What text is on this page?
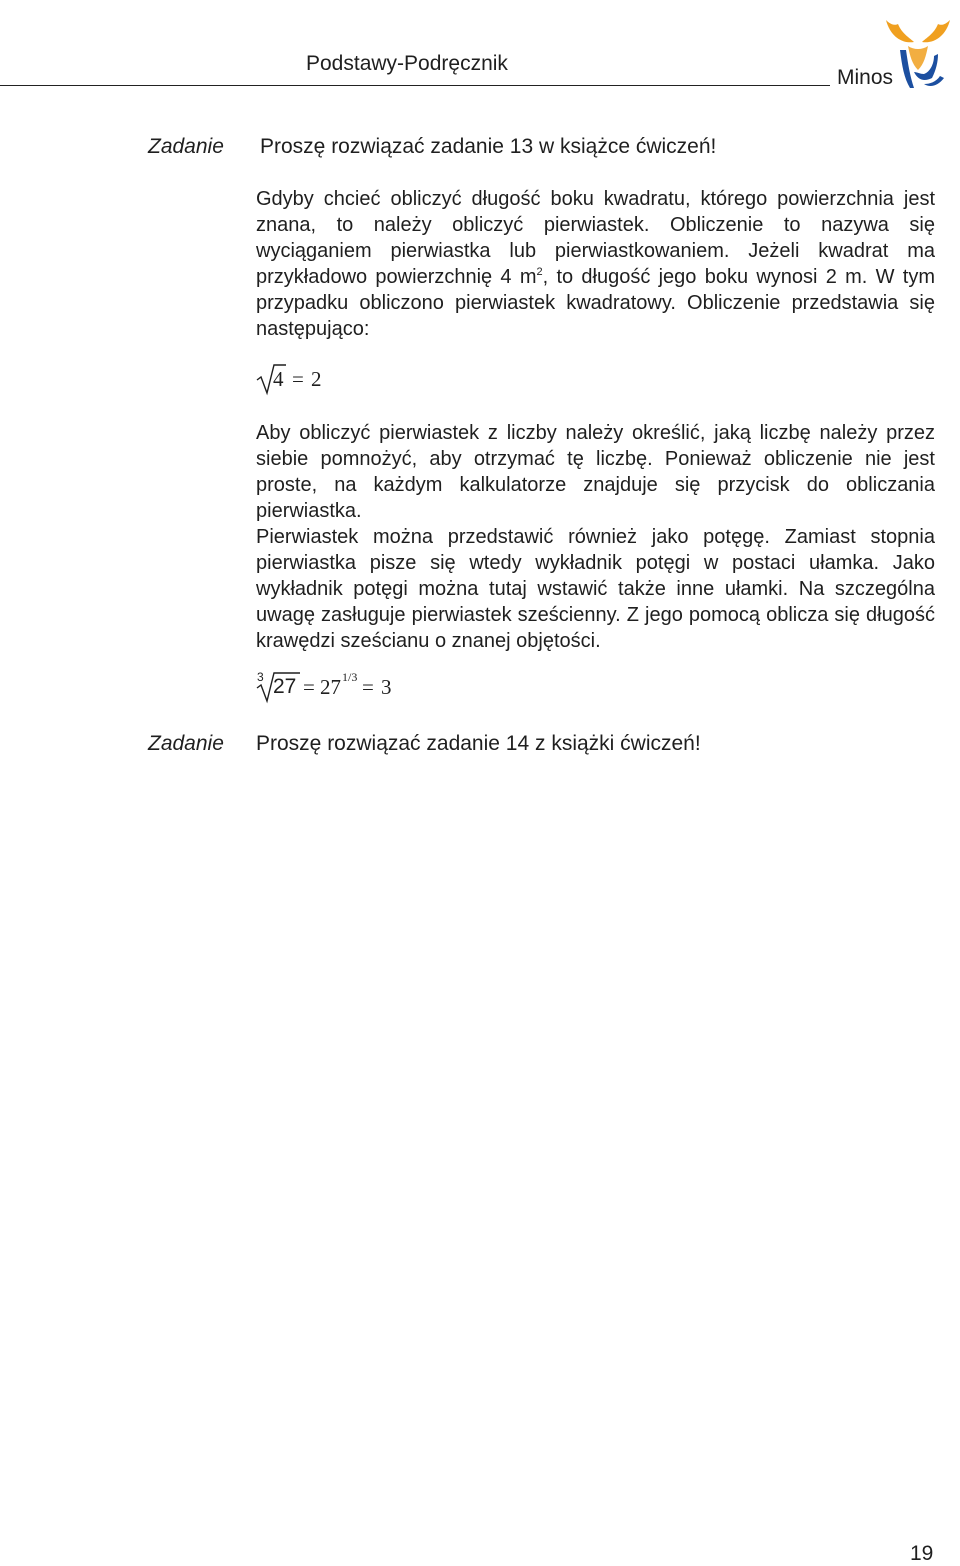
Podstawy-Podręcznik
Minos
Zadanie Proszę rozwiązać zadanie 13 w książce ćwiczeń!

Gdyby chcieć obliczyć długość boku kwadratu, którego powierzchnia jest znana, to należy obliczyć pierwiastek. Obliczenie to nazywa się wyciąganiem pierwiastka lub pierwiastkowaniem. Jeżeli kwadrat ma przykładowo powierzchnię 4 $m^2$, to długość jego boku wynosi 2 m. W tym przypadku obliczono pierwiastek kwadratowy. Obliczenie przedstawia się następująco:

4 = 2

Aby obliczyć pierwiastek z liczby należy określić, jaką liczbę należy przez siebie pomnożyć, aby otrzymać tę liczbę. Ponieważ obliczenie nie jest proste, na każdym kalkulatorze znajduje się przycisk do obliczania pierwiastka.

Pierwiastek można przedstawić również jako potęgę. Zamiast stopnia pierwiastka pisze się wtedy wykładnik potęgi w postaci ułamka. Jako wykładnik potęgi można tutaj wstawić także inne ułamki. Na szczególna uwagę zasługuje pierwiastek sześcienny. Z jego pomocą oblicza się długość krawędzi sześcianu o znanej objętości.

3 27 = 27 1/3 = 3
Zadanie Proszę rozwiązać zadanie 14 z książki ćwiczeń!
19
